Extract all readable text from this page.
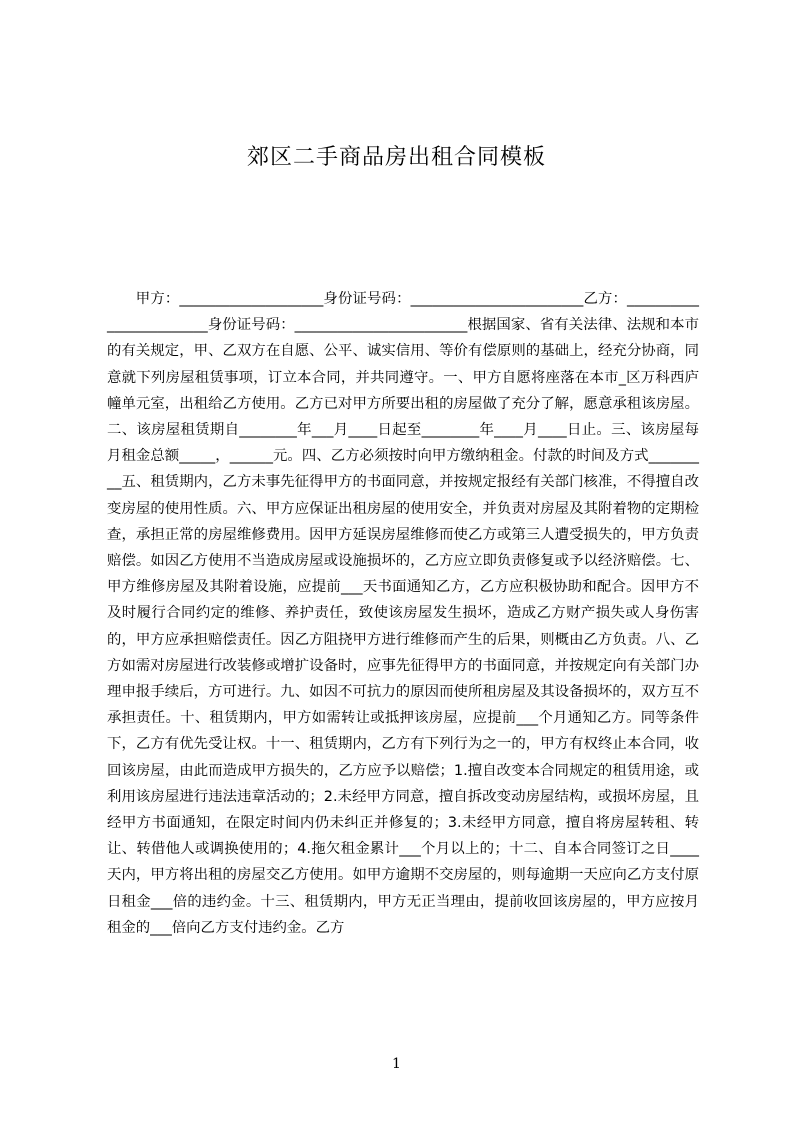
郊区二手商品房出租合同模板
甲方：____________________身份证号码：________________________乙方：________________________身份证号码：________________________根据国家、省有关法律、法规和本市的有关规定，甲、乙双方在自愿、公平、诚实信用、等价有偿原则的基础上，经充分协商，同意就下列房屋租赁事项，订立本合同，并共同遵守。一、甲方自愿将座落在本市_区万科西庐幢单元室，出租给乙方使用。乙方已对甲方所要出租的房屋做了充分了解，愿意承租该房屋。二、该房屋租赁期自________年___月____日起至________年____月____日止。三、该房屋每月租金总额_____，______元。四、乙方必须按时向甲方缴纳租金。付款的时间及方式_________五、租赁期内，乙方未事先征得甲方的书面同意，并按规定报经有关部门核准，不得擅自改变房屋的使用性质。六、甲方应保证出租房屋的使用安全，并负责对房屋及其附着物的定期检查，承担正常的房屋维修费用。因甲方延误房屋维修而使乙方或第三人遭受损失的，甲方负责赔偿。如因乙方使用不当造成房屋或设施损坏的，乙方应立即负责修复或予以经济赔偿。七、甲方维修房屋及其附着设施，应提前___天书面通知乙方，乙方应积极协助和配合。因甲方不及时履行合同约定的维修、养护责任，致使该房屋发生损坏，造成乙方财产损失或人身伤害的，甲方应承担赔偿责任。因乙方阻挠甲方进行维修而产生的后果，则概由乙方负责。八、乙方如需对房屋进行改装修或增扩设备时，应事先征得甲方的书面同意，并按规定向有关部门办理申报手续后，方可进行。九、如因不可抗力的原因而使所租房屋及其设备损坏的，双方互不承担责任。十、租赁期内，甲方如需转让或抵押该房屋，应提前___个月通知乙方。同等条件下，乙方有优先受让权。十一、租赁期内，乙方有下列行为之一的，甲方有权终止本合同，收回该房屋，由此而造成甲方损失的，乙方应予以赔偿；1.擅自改变本合同规定的租赁用途，或利用该房屋进行违法违章活动的；2.未经甲方同意，擅自拆改变动房屋结构，或损坏房屋，且经甲方书面通知，在限定时间内仍未纠正并修复的；3.未经甲方同意，擅自将房屋转租、转让、转借他人或调换使用的；4.拖欠租金累计___个月以上的；十二、自本合同签订之日____天内，甲方将出租的房屋交乙方使用。如甲方逾期不交房屋的，则每逾期一天应向乙方支付原日租金___倍的违约金。十三、租赁期内，甲方无正当理由，提前收回该房屋的，甲方应按月租金的___倍向乙方支付违约金。乙方
1
